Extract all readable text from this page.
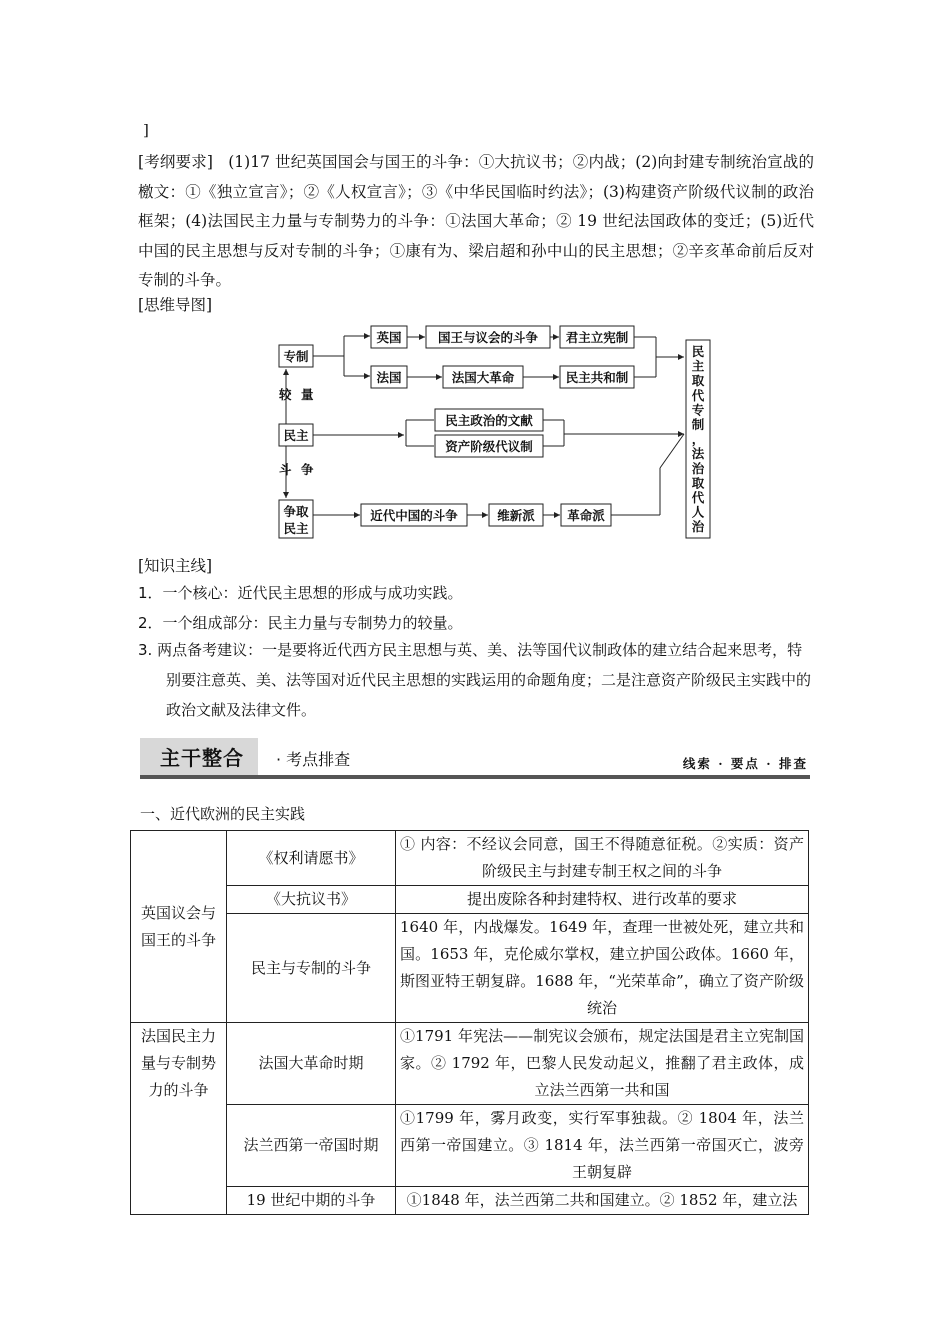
]
[考纲要求] (1)17 世纪英国国会与国王的斗争：①大抗议书；②内战；(2)向封建专制统治宣战的檄文：①《独立宣言》；②《人权宣言》；③《中华民国临时约法》；(3)构建资产阶级代议制的政治框架；(4)法国民主力量与专制势力的斗争：①法国大革命；② 19 世纪法国政体的变迁；(5)近代中国的民主思想与反对专制的斗争；①康有为、梁启超和孙中山的民主思想；②辛亥革命前后反对专制的斗争。
[思维导图]
专制
民主
争取
民主
较 量
斗 争
英国	国王与议会的斗争 君主立宪制
法国	法国大革命	民主共和制
民主政治的文献
资产阶级代议制
近代中国的斗争	维新派	革命派
民
主
取
代
专
制
，
法
治
取
代
人
治
[知识主线]
1．一个核心：近代民主思想的形成与成功实践。
2．一个组成部分：民主力量与专制势力的较量。
3. 两点备考建议：一是要将近代西方民主思想与英、美、法等国代议制政体的建立结合起来思考，特别要注意英、美、法等国对近代民主思想的实践运用的命题角度；二是注意资产阶级民主实践中的政治文献及法律文件。
主干整合 · 考点排查	线索 · 要点 · 排查
一、近代欧洲的民主实践
英国议会与国王的斗争	《权利请愿书》	① 内容：不经议会同意，国王不得随意征税。②实质：资产阶级民主与封建专制王权之间的斗争
	《大抗议书》	提出废除各种封建特权、进行改革的要求
	民主与专制的斗争	1640 年，内战爆发。1649 年，查理一世被处死，建立共和国。1653 年，克伦威尔掌权，建立护国公政体。1660 年，斯图亚特王朝复辟。1688 年，“光荣革命”，确立了资产阶级统治
法国民主力量与专制势力的斗争	法国大革命时期	①1791 年宪法——制宪议会颁布，规定法国是君主立宪制国家。② 1792 年，巴黎人民发动起义，推翻了君主政体，成立法兰西第一共和国
	法兰西第一帝国时期	①1799 年，雾月政变，实行军事独裁。② 1804 年，法兰西第一帝国建立。③ 1814 年，法兰西第一帝国灭亡，波旁王朝复辟
	19 世纪中期的斗争	①1848 年，法兰西第二共和国建立。② 1852 年，建立法
